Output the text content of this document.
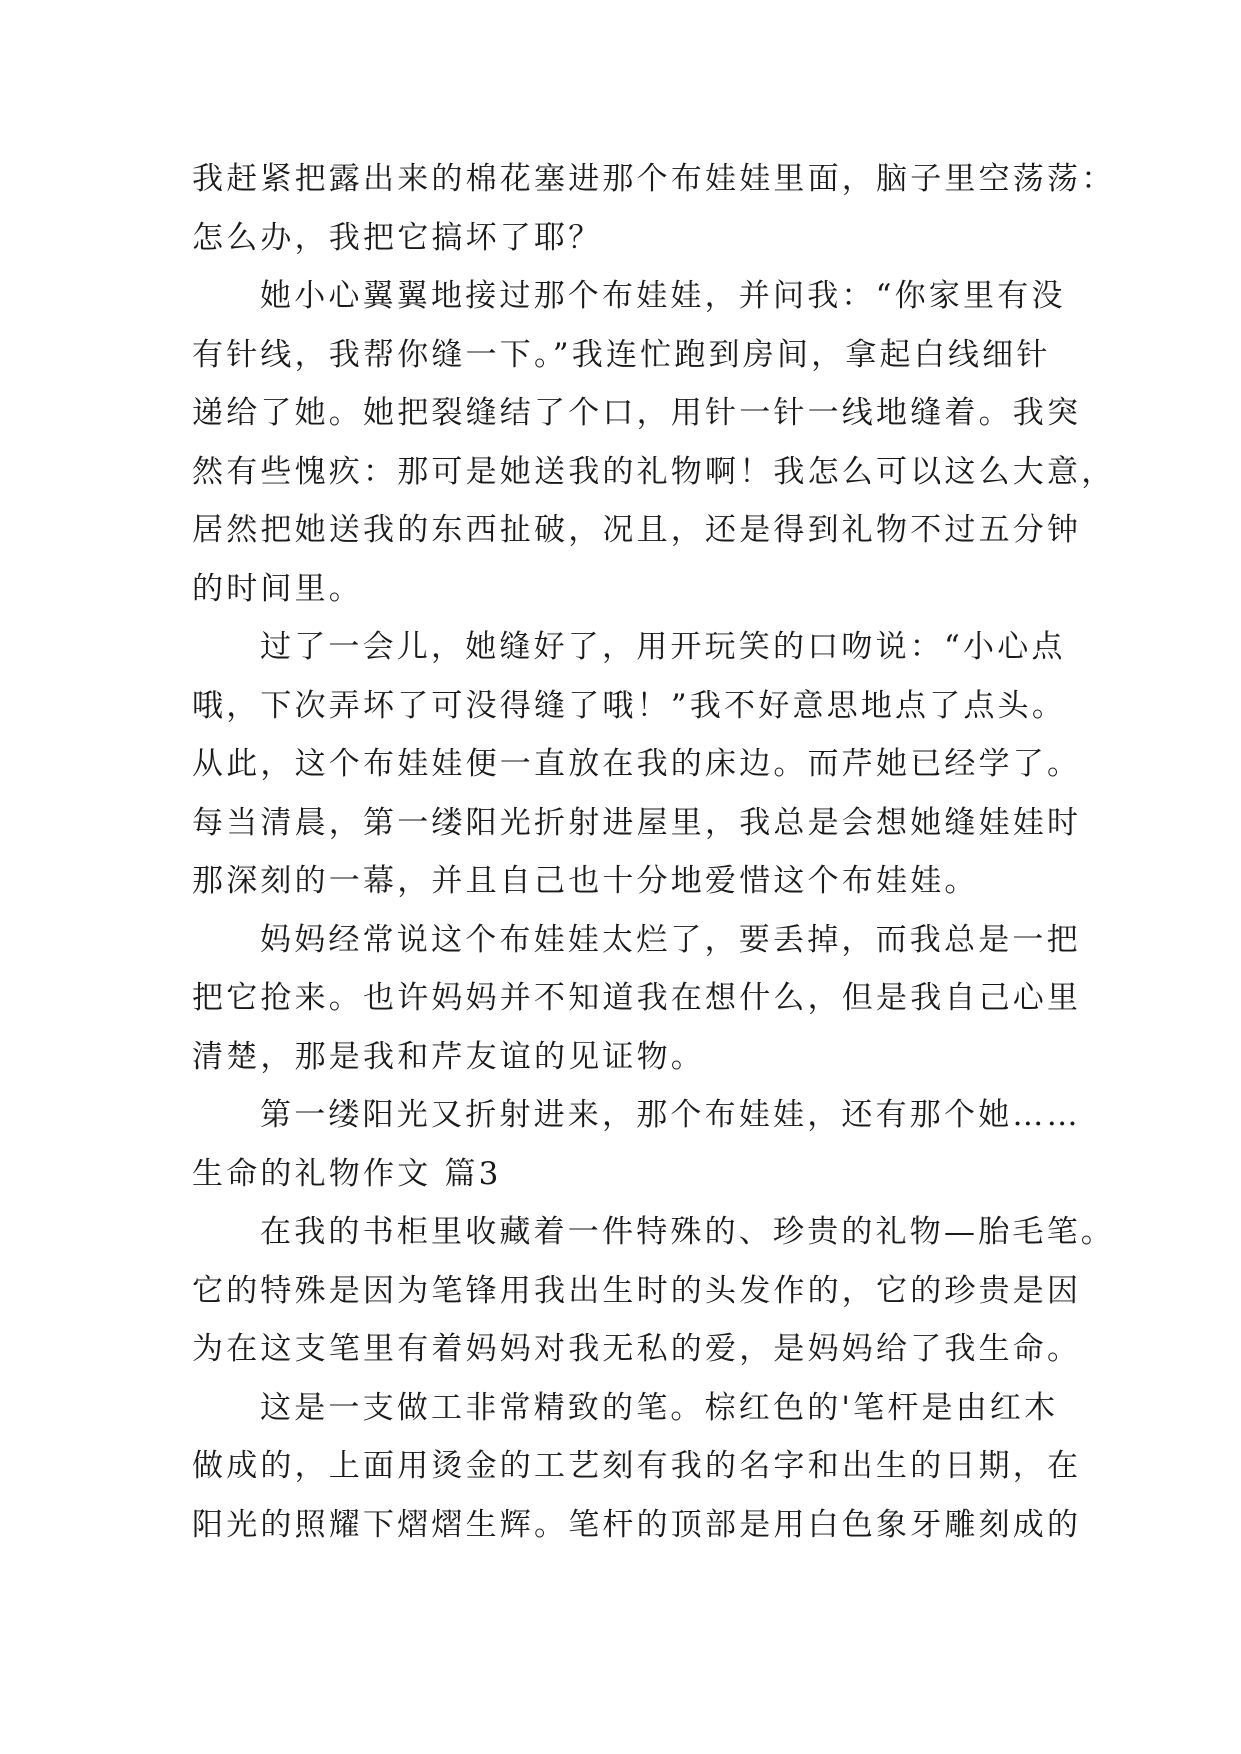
我赶紧把露出来的棉花塞进那个布娃娃里面，脑子里空荡荡：
怎么办，我把它搞坏了耶？
她小心翼翼地接过那个布娃娃，并问我：“你家里有没
有针线，我帮你缝一下。”我连忙跑到房间，拿起白线细针
递给了她。她把裂缝结了个口，用针一针一线地缝着。我突
然有些愧疚：那可是她送我的礼物啊！我怎么可以这么大意，
居然把她送我的东西扯破，况且，还是得到礼物不过五分钟
的时间里。
过了一会儿，她缝好了，用开玩笑的口吻说：“小心点
哦，下次弄坏了可没得缝了哦！”我不好意思地点了点头。
从此，这个布娃娃便一直放在我的床边。而芹她已经学了。
每当清晨，第一缕阳光折射进屋里，我总是会想她缝娃娃时
那深刻的一幕，并且自己也十分地爱惜这个布娃娃。
妈妈经常说这个布娃娃太烂了，要丢掉，而我总是一把
把它抢来。也许妈妈并不知道我在想什么，但是我自己心里
清楚，那是我和芹友谊的见证物。
第一缕阳光又折射进来，那个布娃娃，还有那个她……
生命的礼物作文 篇3
在我的书柜里收藏着一件特殊的、珍贵的礼物—胎毛笔。
它的特殊是因为笔锋用我出生时的头发作的，它的珍贵是因
为在这支笔里有着妈妈对我无私的爱，是妈妈给了我生命。
这是一支做工非常精致的笔。棕红色的'笔杆是由红木
做成的，上面用烫金的工艺刻有我的名字和出生的日期，在
阳光的照耀下熠熠生辉。笔杆的顶部是用白色象牙雕刻成的
